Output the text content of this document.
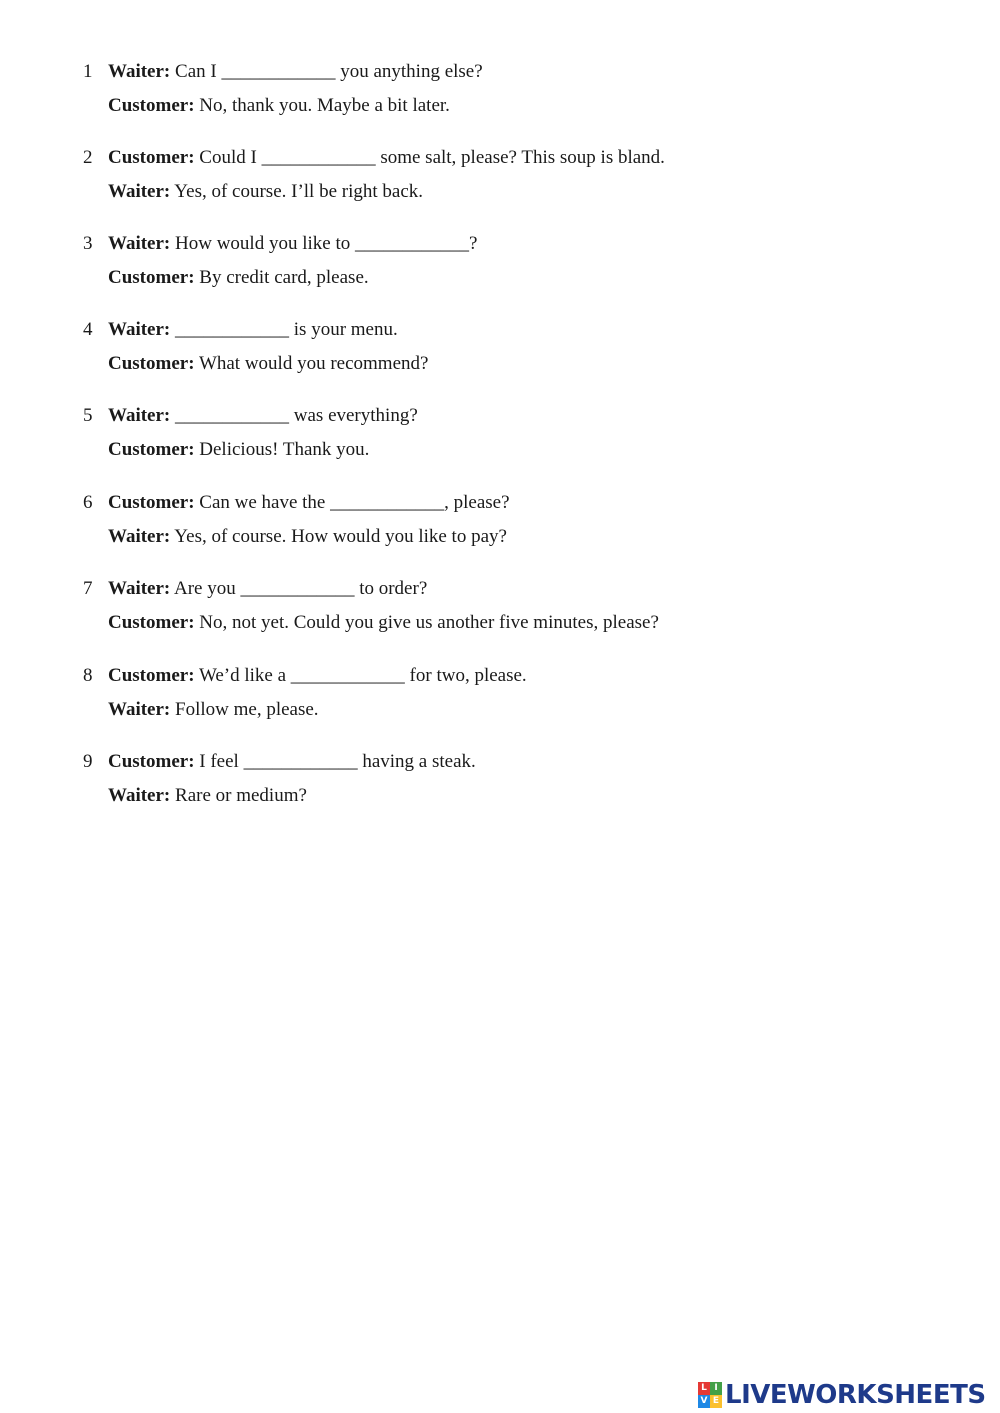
1 Waiter: Can I ____________ you anything else?
Customer: No, thank you. Maybe a bit later.
2 Customer: Could I ____________ some salt, please? This soup is bland.
Waiter: Yes, of course. I’ll be right back.
3 Waiter: How would you like to ____________?
Customer: By credit card, please.
4 Waiter: ____________ is your menu.
Customer: What would you recommend?
5 Waiter: ____________ was everything?
Customer: Delicious! Thank you.
6 Customer: Can we have the ____________, please?
Waiter: Yes, of course. How would you like to pay?
7 Waiter: Are you ____________ to order?
Customer: No, not yet. Could you give us another five minutes, please?
8 Customer: We’d like a ____________ for two, please.
Waiter: Follow me, please.
9 Customer: I feel ____________ having a steak.
Waiter: Rare or medium?
L I
V E LIVEWORKSHEETS
